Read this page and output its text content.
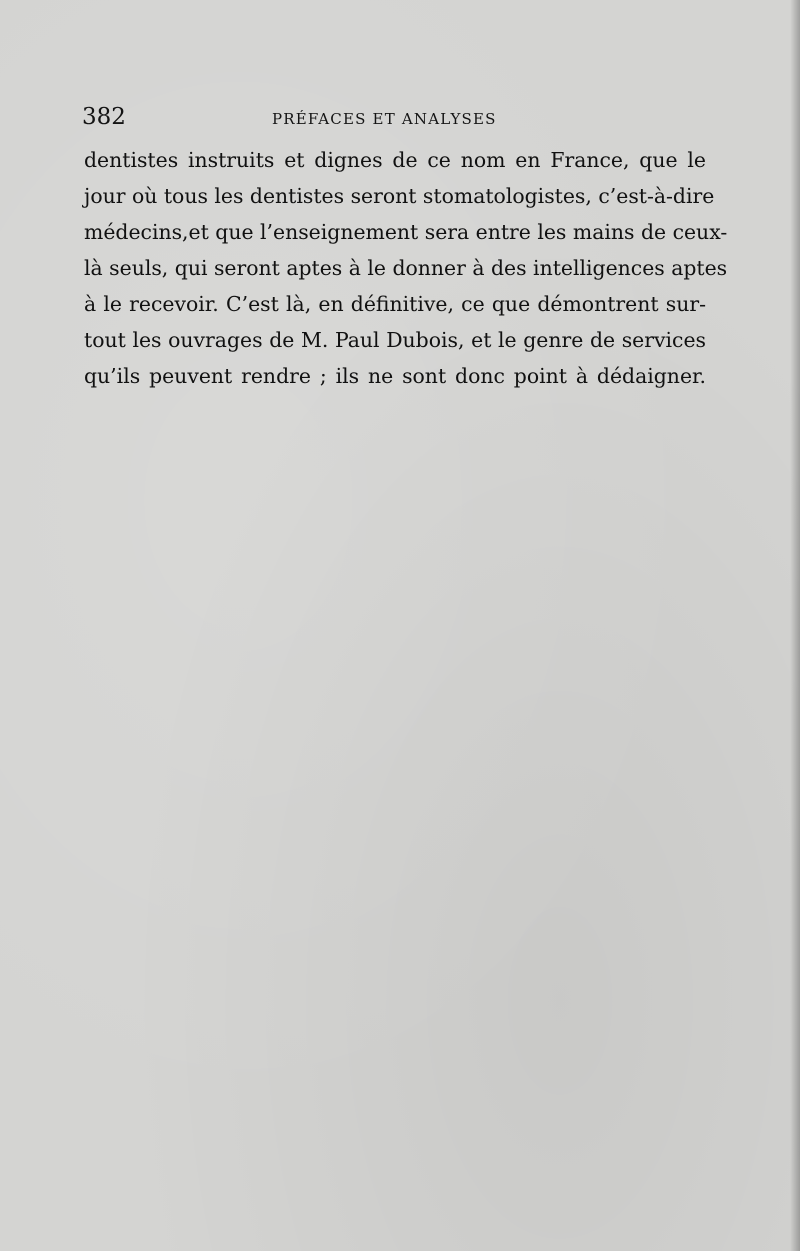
382	PRÉFACES ET ANALYSES
dentistes instruits et dignes de ce nom en France, que le
jour où tous les dentistes seront stomatologistes, c’est-à-dire
médecins,et que l’enseignement sera entre les mains de ceux-
là seuls, qui seront aptes à le donner à des intelligences aptes
à le recevoir. C’est là, en définitive, ce que démontrent sur-
tout les ouvrages de M. Paul Dubois, et le genre de services
qu’ils peuvent rendre ; ils ne sont donc point à dédaigner.
